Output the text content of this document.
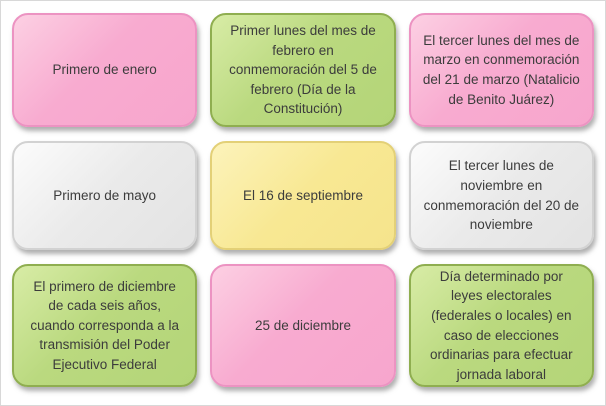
Primero de enero
Primer lunes del mes de febrero en conmemoración del 5 de febrero (Día de la Constitución)
El tercer lunes del mes de marzo en conmemoración del 21 de marzo (Natalicio de Benito Juárez)
Primero de mayo	El 16 de septiembre
El tercer lunes de noviembre en conmemoración del 20 de noviembre
El primero de diciembre de cada seis años, cuando corresponda a la transmisión del Poder Ejecutivo Federal
25 de diciembre
Día determinado por leyes electorales (federales o locales) en caso de elecciones ordinarias para efectuar jornada laboral
